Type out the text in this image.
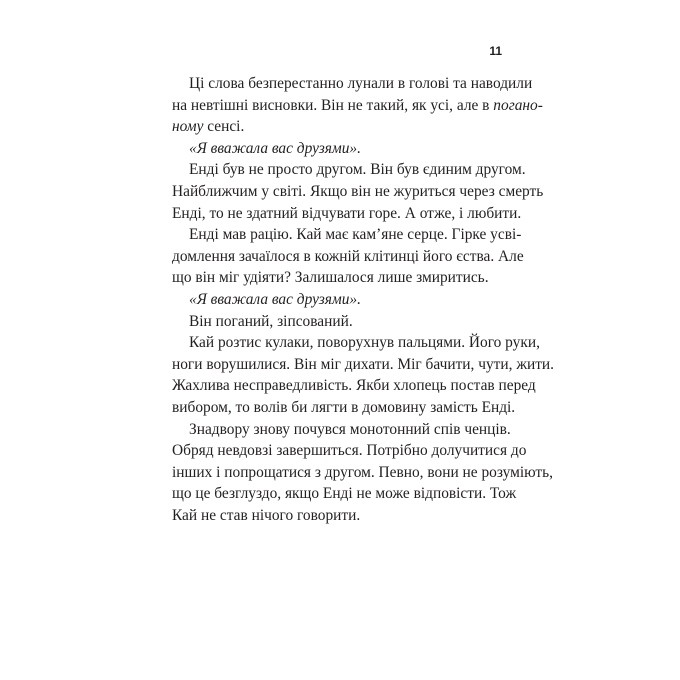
11
Ці слова безперестанно лунали в голові та наводили
на невтішні висновки. Він не такий, як усі, але в погано-
ному сенсі.
«Я вважала вас друзями».
Енді був не просто другом. Він був єдиним другом.
Найближчим у світі. Якщо він не журиться через смерть
Енді, то не здатний відчувати горе. А отже, і любити.
Енді мав рацію. Кай має кам’яне серце. Гірке усві-
домлення зачаїлося в кожній клітинці його єства. Але
що він міг удіяти? Залишалося лише змиритись.
«Я вважала вас друзями».
Він поганий, зіпсований.
Кай розтис кулаки, поворухнув пальцями. Його руки,
ноги ворушилися. Він міг дихати. Міг бачити, чути, жити.
Жахлива несправедливість. Якби хлопець постав перед
вибором, то волів би лягти в домовину замість Енді.
Знадвору знову почувся монотонний спів ченців.
Обряд невдовзі завершиться. Потрібно долучитися до
інших і попрощатися з другом. Певно, вони не розуміють,
що це безглуздо, якщо Енді не може відповісти. Тож
Кай не став нічого говорити.
